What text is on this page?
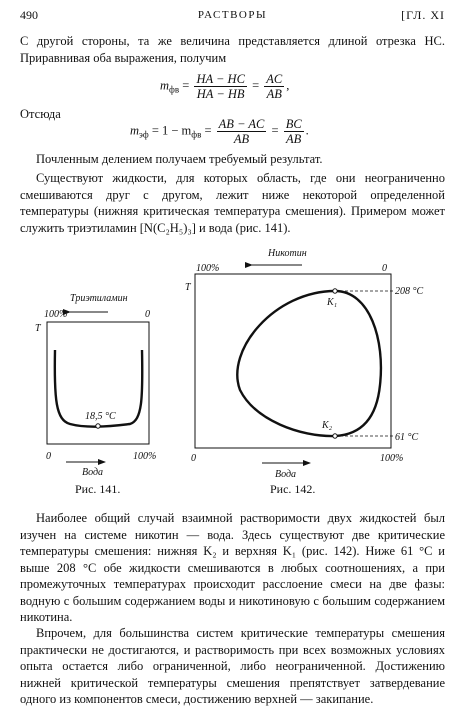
490	РАСТВОРЫ	[ГЛ. XI
С другой стороны, та же величина представляется длиной отрезка НС. Приравнивая оба выражения, получим
$m_{фв} = \frac{HA - HC}{HA - HB} = \frac{AC}{AB}$ ,
Отсюда
$m_{эф} = 1 - m_{фв} = \frac{AB - AC}{AB} = \frac{BC}{AB}$ .
Почленным делением получаем требуемый результат.
Существуют жидкости, для которых область, где они неограниченно смешиваются друг с другом, лежит ниже некоторой определенной температуры (нижняя критическая температура смешения). Примером может служить триэтиламин [N(C₂H₅)₃] и вода (рис. 141).
Триэтиламин
100%	0
T
18,5 °C
0	100%
Вода
Никотин
100%	0
T
K₁
K₂
208 °C
61 °C
0	100%
Вода
Рис. 141.	Рис. 142.
Наиболее общий случай взаимной растворимости двух жидкостей был изучен на системе никотин — вода. Здесь существуют две критические температуры смешения: нижняя K₂ и верхняя K₁ (рис. 142). Ниже 61 °C и выше 208 °C обе жидкости смешиваются в любых соотношениях, а при промежуточных температурах происходит расслоение смеси на две фазы: водную с большим содержанием воды и никотиновую с большим содержанием никотина.
Впрочем, для большинства систем критические температуры смешения практически не достигаются, и растворимость при всех возможных условиях опыта остается либо ограниченной, либо неограниченной. Достижению нижней критической температуры смешения препятствует затвердевание одного из компонентов смеси, достижению верхней — закипание.
